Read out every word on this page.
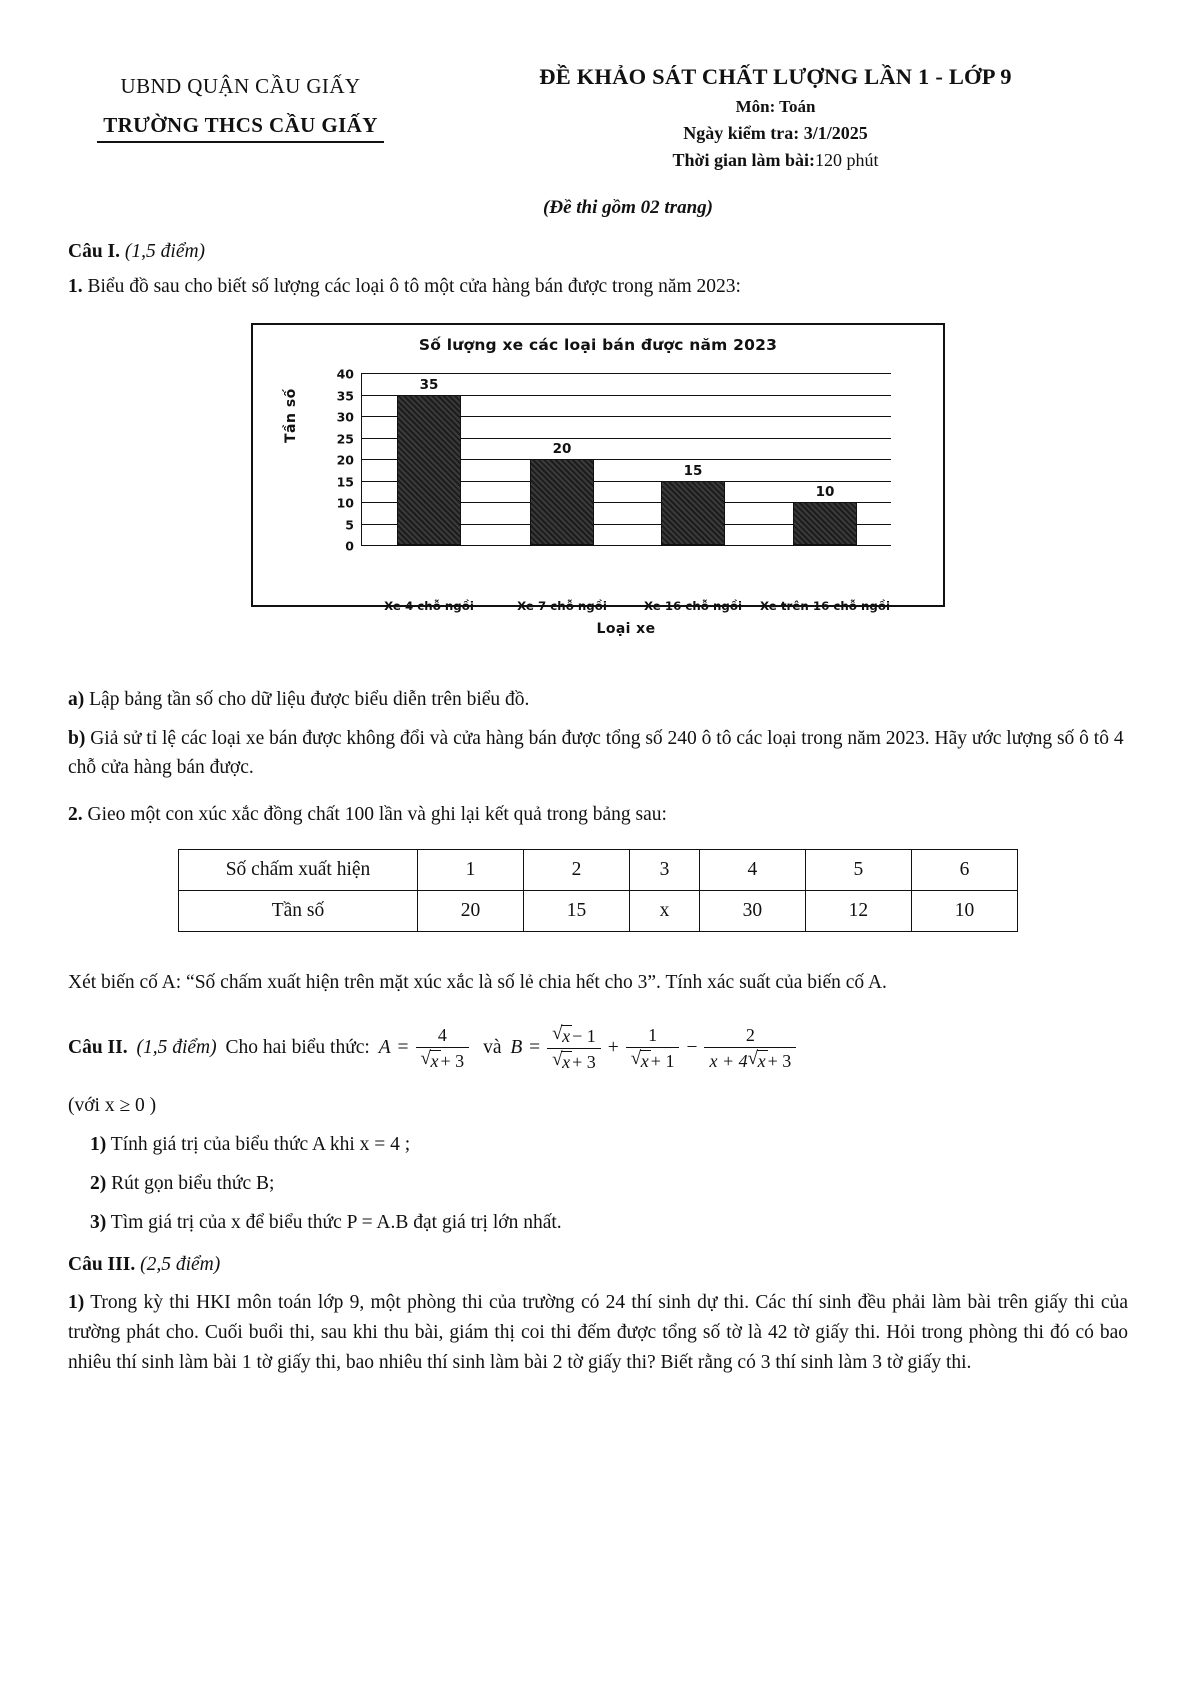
UBND QUẬN CẦU GIẤY
TRƯỜNG THCS CẦU GIẤY
ĐỀ KHẢO SÁT CHẤT LƯỢNG LẦN 1 - LỚP 9
Môn: Toán
Ngày kiểm tra: 3/1/2025
Thời gian làm bài:120 phút
(Đề thi gồm 02 trang)
Câu I. (1,5 điểm)

1. Biểu đồ sau cho biết số lượng các loại ô tô một cửa hàng bán được trong năm 2023:

Số lượng xe các loại bán được năm 2023
Tần số
40
35
30
25
20
15
10
5
0
35
20
15
10
Xe 4 chỗ ngồi	Xe 7 chỗ ngồi	Xe 16 chỗ ngồi Xe trên 16 chỗ ngồi
Loại xe

a) Lập bảng tần số cho dữ liệu được biểu diễn trên biểu đồ.

b) Giả sử tỉ lệ các loại xe bán được không đổi và cửa hàng bán được tổng số 240 ô tô các loại trong năm 2023. Hãy ước lượng số ô tô 4 chỗ cửa hàng bán được.

2. Gieo một con xúc xắc đồng chất 100 lần và ghi lại kết quả trong bảng sau:

Số chấm xuất hiện	1	2	3	4	5	6
Tần số	20	15	x	30	12	10

Xét biến cố A: “Số chấm xuất hiện trên mặt xúc xắc là số lẻ chia hết cho 3”. Tính xác suất của biến cố A.

Câu II.
(1,5 điểm)
Cho hai biểu thức:
A = 4
√ x + 3
và
B = √ x − 1
√ x + 3 + 1
√ $x + 1 - \frac{2}{x + 4 √ x + 3}$
(với x ≥ 0 )
1) Tính giá trị của biểu thức A khi x = 4 ;
2) Rút gọn biểu thức B;
3) Tìm giá trị của x để biểu thức P = A.B đạt giá trị lớn nhất.
Câu III. (2,5 điểm)

1) Trong kỳ thi HKI môn toán lớp 9, một phòng thi của trường có 24 thí sinh dự thi. Các thí sinh đều phải làm bài trên giấy thi của trường phát cho. Cuối buổi thi, sau khi thu bài, giám thị coi thi đếm được tổng số tờ là 42 tờ giấy thi. Hỏi trong phòng thi đó có bao nhiêu thí sinh làm bài 1 tờ giấy thi, bao nhiêu thí sinh làm bài 2 tờ giấy thi? Biết rằng có 3 thí sinh làm 3 tờ giấy thi.
